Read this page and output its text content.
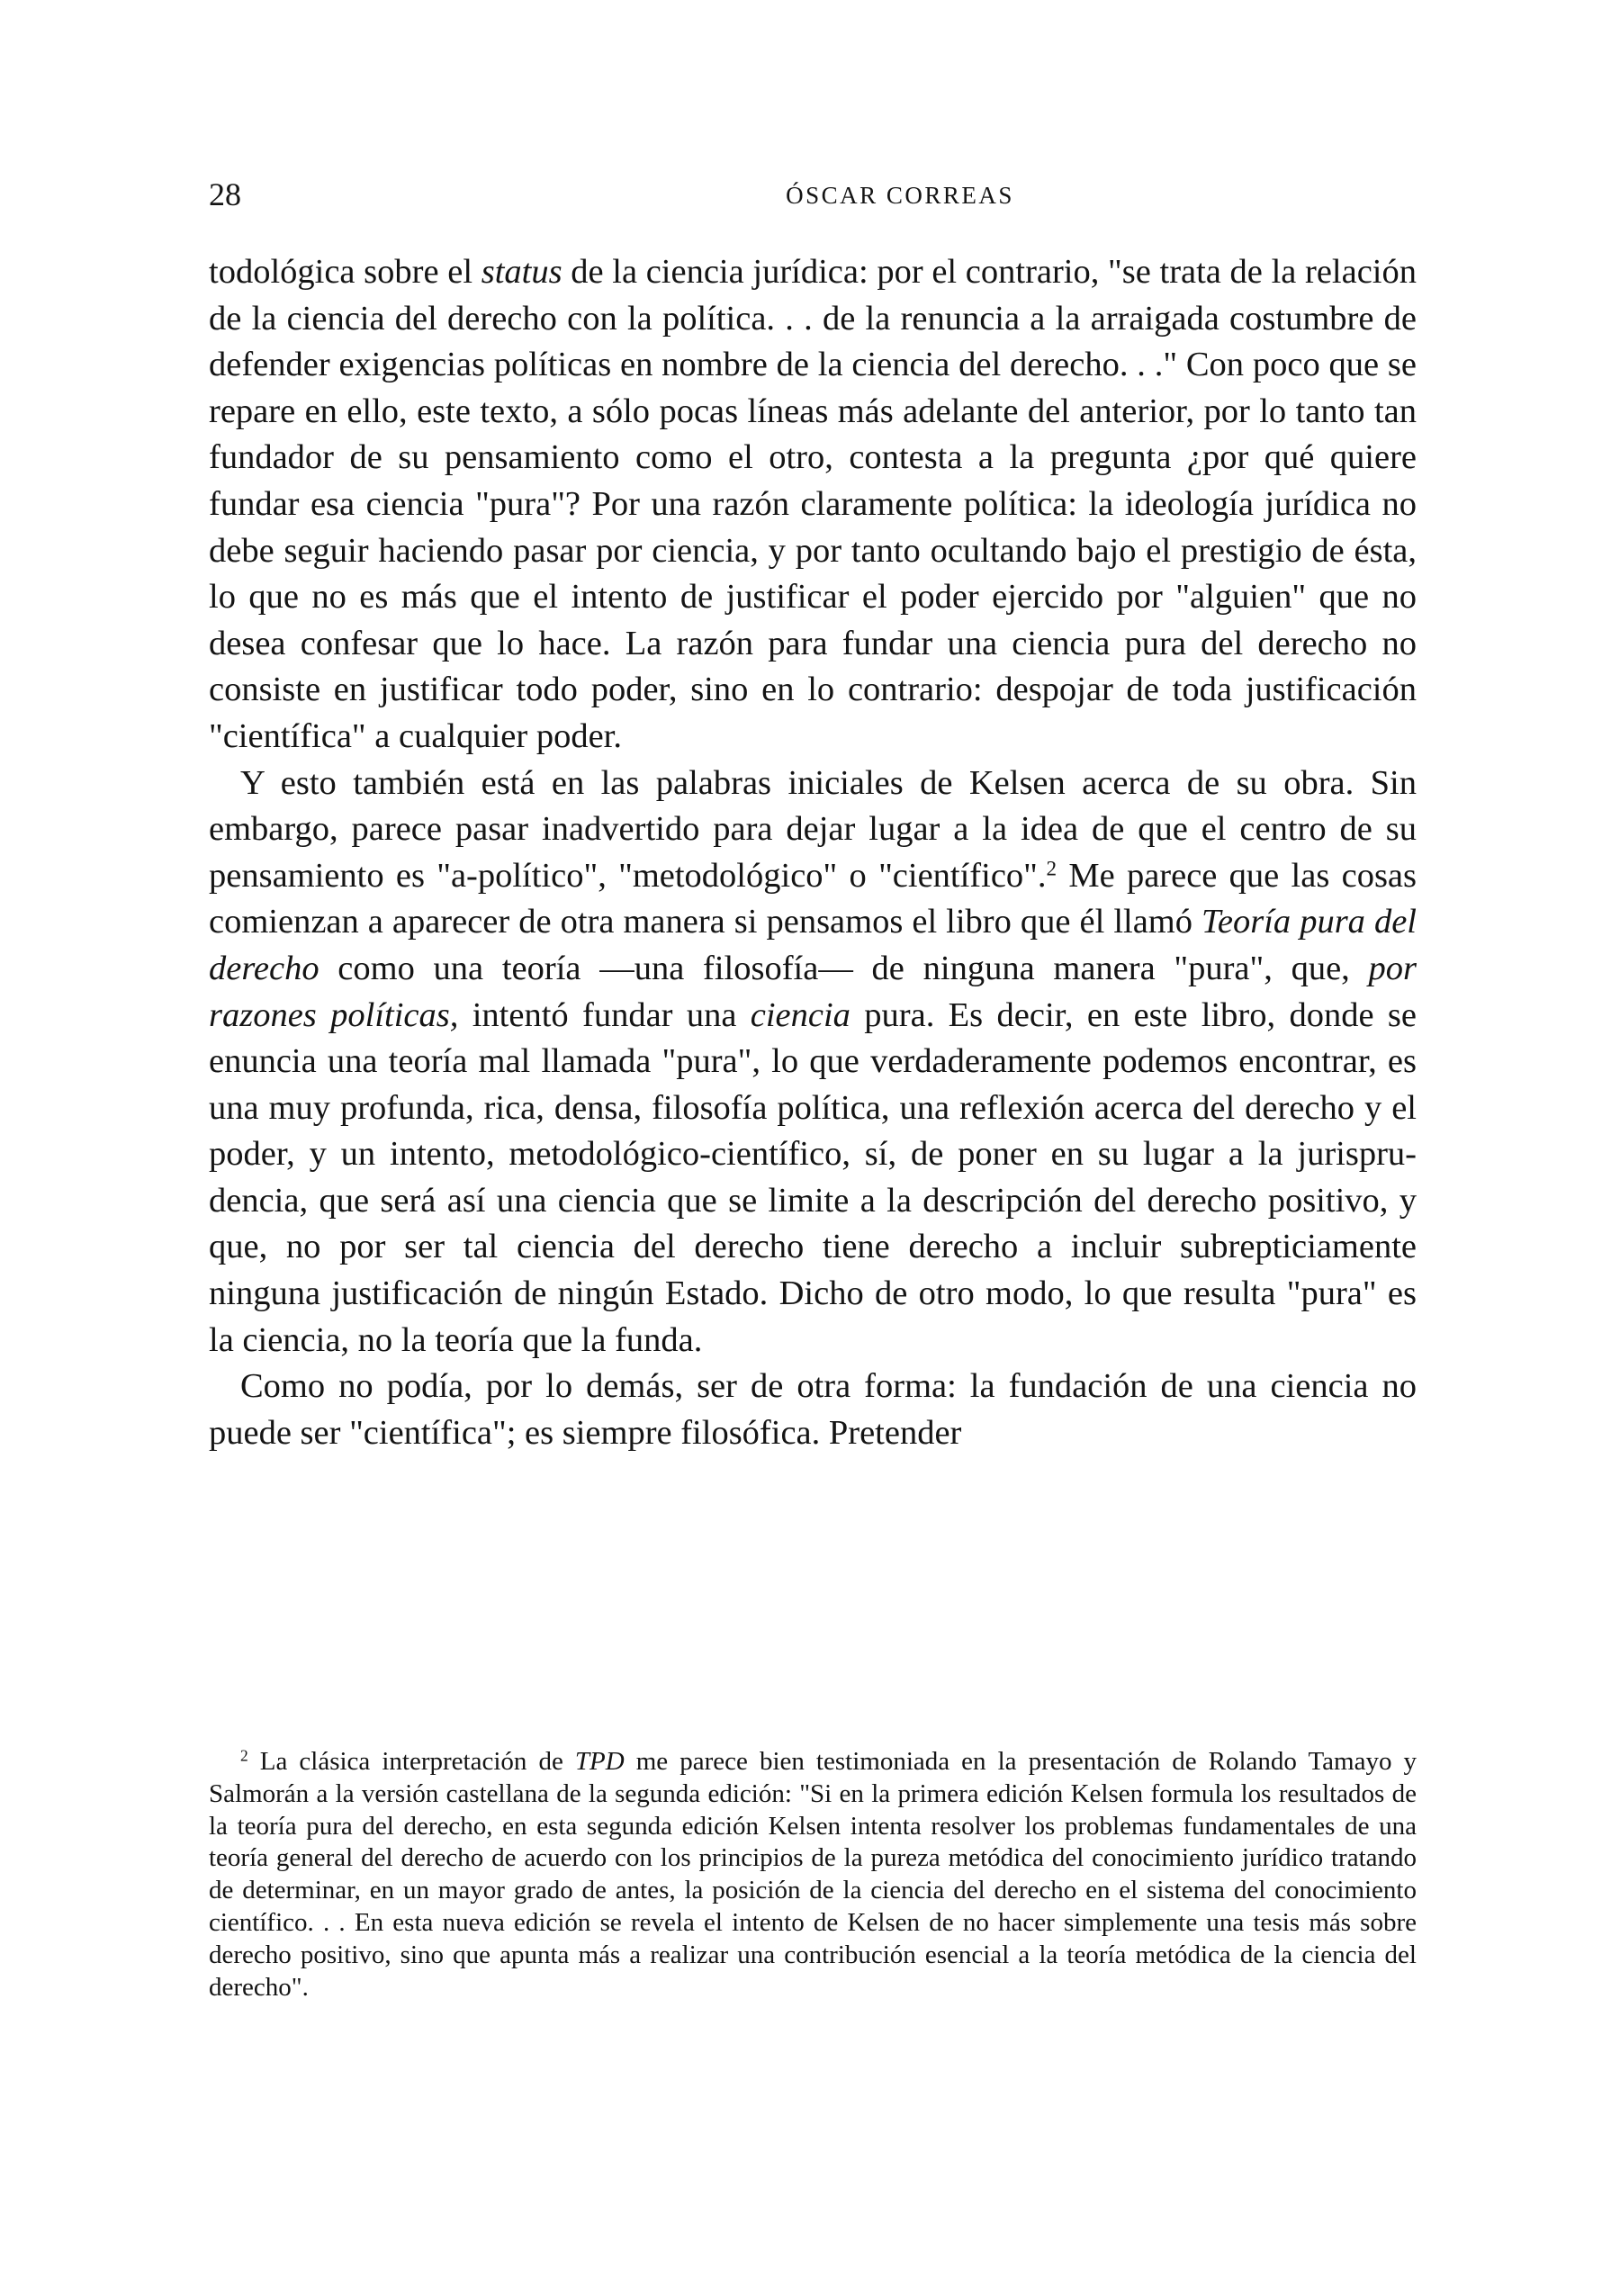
28	ÓSCAR CORREAS

todológica sobre el status de la ciencia jurídica: por el contrario, "se trata de la relación de la ciencia del derecho con la política. . . de la renuncia a la arraigada costumbre de defender exigencias políticas en nombre de la ciencia del derecho. . ." Con poco que se repare en ello, este texto, a sólo pocas líneas más adelante del anterior, por lo tanto tan fundador de su pensamiento como el otro, contesta a la pregunta ¿por qué quiere fundar esa ciencia "pura"? Por una razón claramente política: la ideología jurídica no debe seguir haciendo pasar por ciencia, y por tanto ocultando bajo el prestigio de ésta, lo que no es más que el intento de justificar el poder ejercido por "alguien" que no desea confesar que lo hace. La razón para fundar una ciencia pura del derecho no consiste en justificar todo poder, sino en lo contrario: despojar de toda justificación "científica" a cualquier poder.

Y esto también está en las palabras iniciales de Kelsen acerca de su obra. Sin embargo, parece pasar inadvertido para dejar lugar a la idea de que el centro de su pensamiento es "a-político", "metodológico" o "científico".$^2$ Me parece que las cosas comienzan a aparecer de otra manera si pensamos el libro que él llamó Teoría pura del derecho como una teoría —una filosofía— de ninguna manera "pura", que, por razones políticas, intentó fundar una ciencia pura. Es decir, en este libro, donde se enuncia una teoría mal llamada "pura", lo que verdaderamente podemos encontrar, es una muy profunda, rica, densa, filosofía política, una reflexión acerca del derecho y el poder, y un intento, metodológico-científico, sí, de poner en su lugar a la jurisprudencia, que será así una ciencia que se limite a la descripción del derecho positivo, y que, no por ser tal ciencia del derecho tiene derecho a incluir subrepticiamente ninguna justificación de ningún Estado. Dicho de otro modo, lo que resulta "pura" es la ciencia, no la teoría que la funda.

Como no podía, por lo demás, ser de otra forma: la fundación de una ciencia no puede ser "científica"; es siempre filosófica. Pretender

$^2$ La clásica interpretación de TPD me parece bien testimoniada en la presentación de Rolando Tamayo y Salmorán a la versión castellana de la segunda edición: "Si en la primera edición Kelsen formula los resultados de la teoría pura del derecho, en esta segunda edición Kelsen intenta resolver los problemas fundamentales de una teoría general del derecho de acuerdo con los principios de la pureza metódica del conocimiento jurídico tratando de determinar, en un mayor grado de antes, la posición de la ciencia del derecho en el sistema del conocimiento científico. . . En esta nueva edición se revela el intento de Kelsen de no hacer simplemente una tesis más sobre derecho positivo, sino que apunta más a realizar una contribución esencial a la teoría metódica de la ciencia del derecho".
